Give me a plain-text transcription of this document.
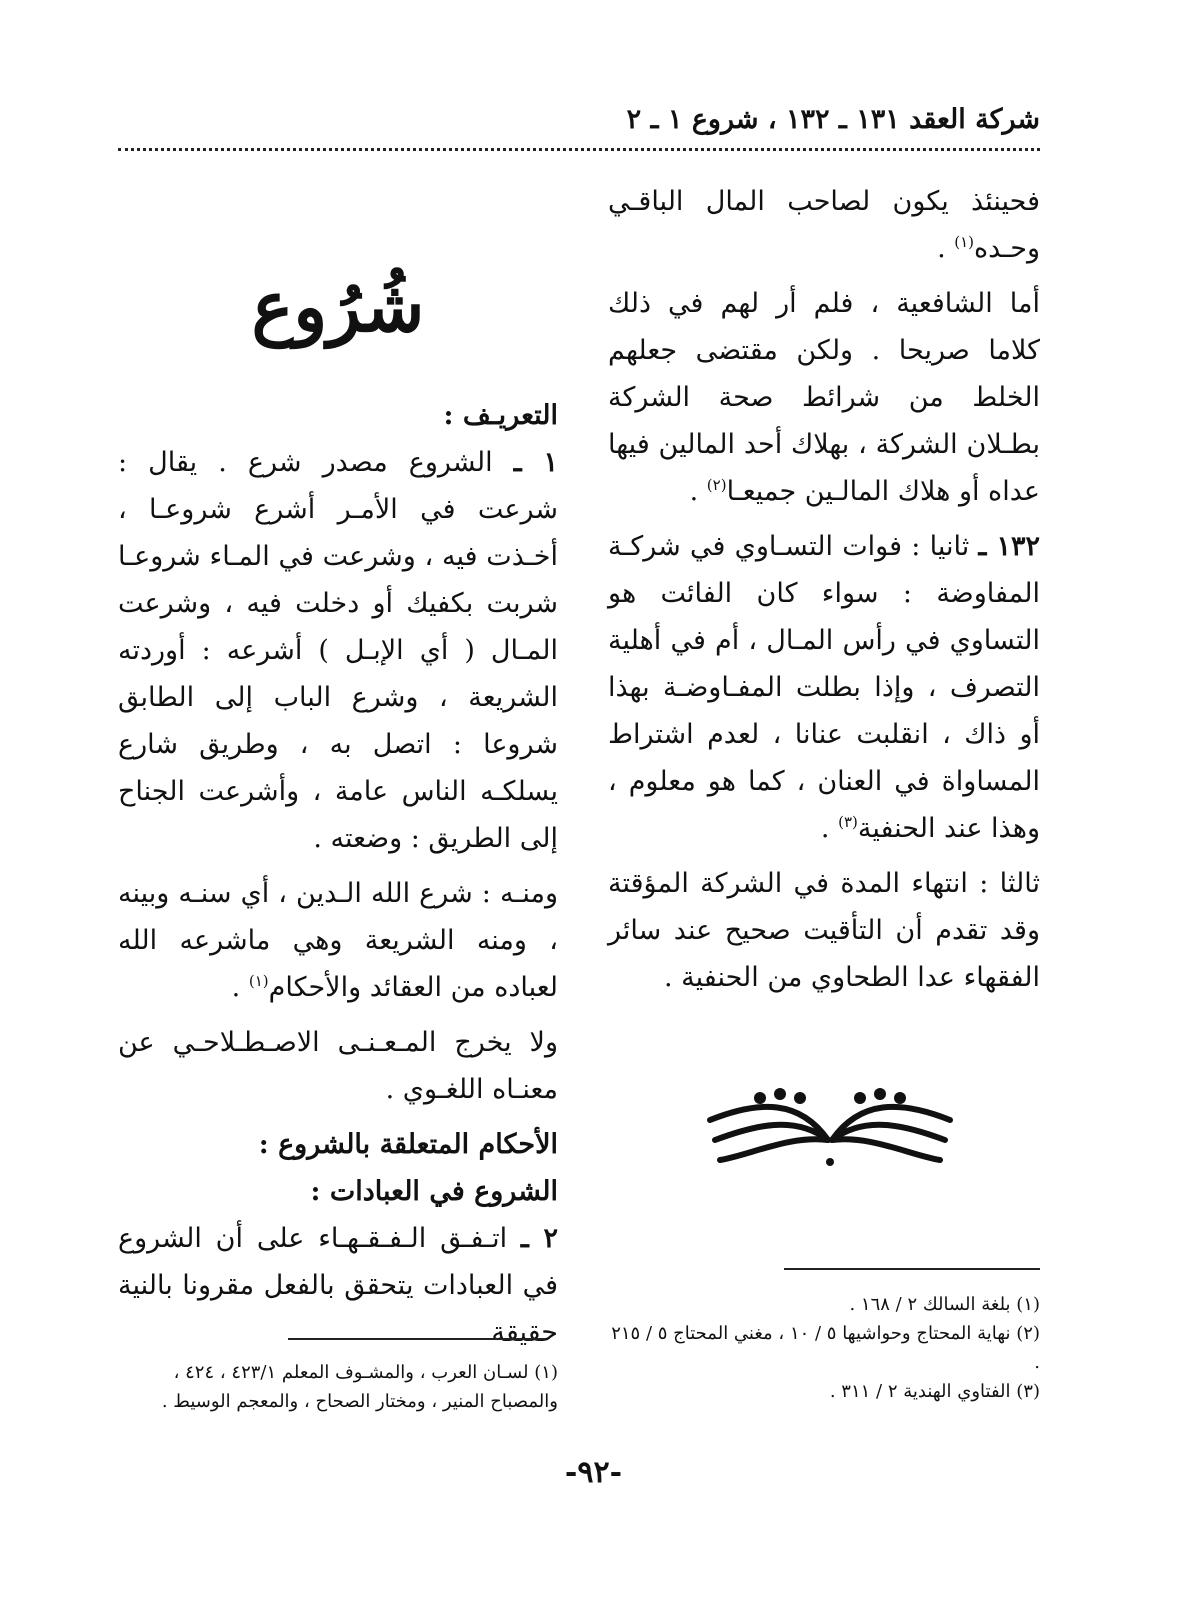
شركة العقد ١٣١ ـ ١٣٢ ، شروع ١ ـ ٢

فحينئذ يكون لصاحب المال الباقـي وحـده$^{(١)}$ .

أما الشافعية ، فلم أر لهم في ذلك كلاما صريحا . ولكن مقتضى جعلهم الخلط من شرائط صحة الشركة بطـلان الشركة ، بهلاك أحد المالين فيها عداه أو هلاك المالـين جميعـا$^{(٢)}$ .

١٣٢ ـ ثانيا : فوات التسـاوي في شركـة المفاوضة : سواء كان الفائت هو التساوي في رأس المـال ، أم في أهلية التصرف ، وإذا بطلت المفـاوضـة بهذا أو ذاك ، انقلبت عنانا ، لعدم اشتراط المساواة في العنان ، كما هو معلوم ، وهذا عند الحنفية$^{(٣)}$ .

ثالثا : انتهاء المدة في الشركة المؤقتة وقد تقدم أن التأقيت صحيح عند سائر الفقهاء عدا الطحاوي من الحنفية .

شُرُوع

التعريـف :

١ ـ الشروع مصدر شرع . يقال : شرعت في الأمـر أشرع شروعـا ، أخـذت فيه ، وشرعت في المـاء شروعـا شربت بكفيك أو دخلت فيه ، وشرعت المـال ( أي الإبـل ) أشرعه : أوردته الشريعة ، وشرع الباب إلى الطابق شروعا : اتصل به ، وطريق شارع يسلكـه الناس عامة ، وأشرعت الجناح إلى الطريق : وضعته .

ومنـه : شرع الله الـدين ، أي سنـه وبينه ، ومنه الشريعة وهي ماشرعه الله لعباده من العقائد والأحكام$^{(١)}$ .

ولا يخرج المـعـنـى الاصـطـلاحـي عن معنـاه اللغـوي .

الأحكام المتعلقة بالشروع :

الشروع في العبادات :

٢ ـ اتـفـق الـفـقـهـاء على أن الشروع في العبادات يتحقق بالفعل مقرونا بالنية حقيقة

(١) بلغة السالك ٢ / ١٦٨ .
(٢) نهاية المحتاج وحواشيها ٥ / ١٠ ، مغني المحتاج ٥ / ٢١٥ .
(٣) الفتاوي الهندية ٢ / ٣١١ .
(١) لسـان العرب ، والمشـوف المعلم ٤٢٣/١ ، ٤٢٤ ، والمصباح المنير ، ومختار الصحاح ، والمعجم الوسيط .
-٩٢-
